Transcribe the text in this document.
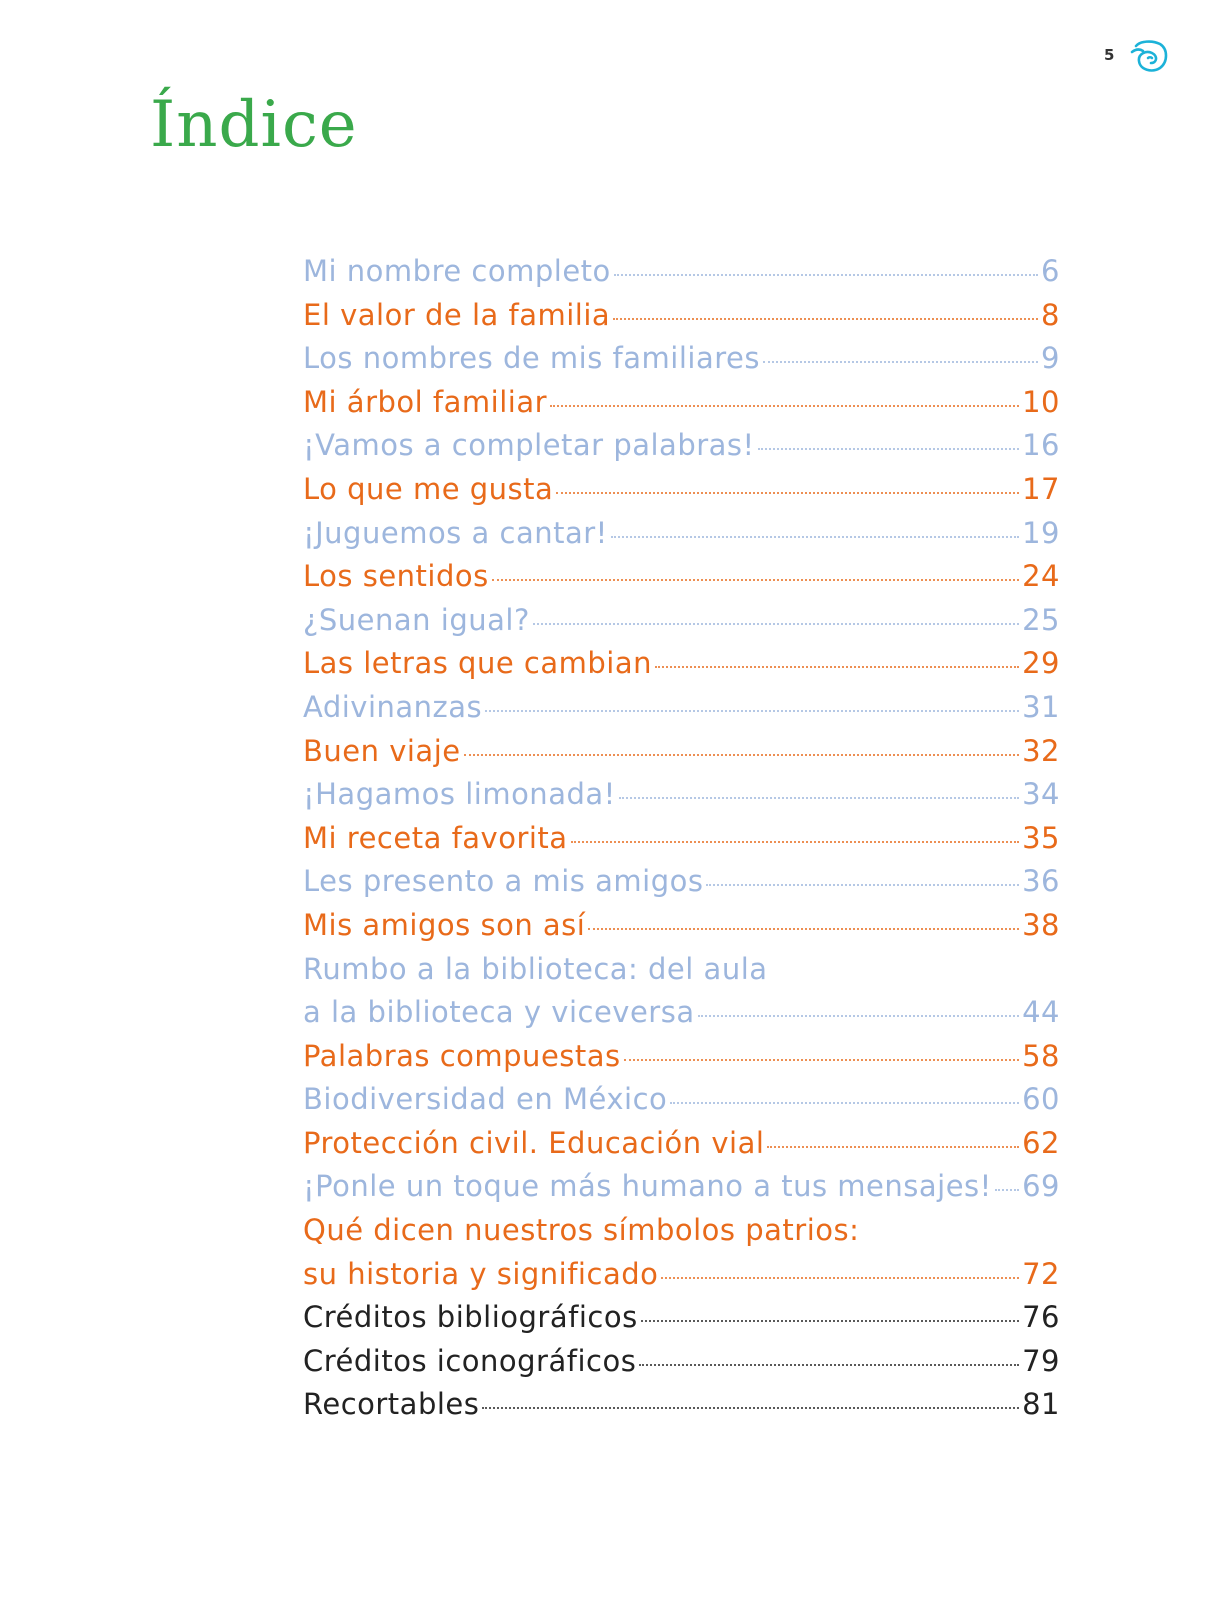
5
Índice
Mi nombre completo	6
El valor de la familia	8
Los nombres de mis familiares	9
Mi árbol familiar	10
¡Vamos a completar palabras!	16
Lo que me gusta	17
¡Juguemos a cantar!	19
Los sentidos	24
¿Suenan igual?	25
Las letras que cambian	29
Adivinanzas	31
Buen viaje	32
¡Hagamos limonada!	34
Mi receta favorita	35
Les presento a mis amigos	36
Mis amigos son así	38
Rumbo a la biblioteca: del aula
a la biblioteca y viceversa	44
Palabras compuestas	58
Biodiversidad en México	60
Protección civil. Educación vial	62
¡Ponle un toque más humano a tus mensajes! 69
Qué dicen nuestros símbolos patrios:
su historia y significado	72
Créditos bibliográficos	76
Créditos iconográficos	79
Recortables	81
